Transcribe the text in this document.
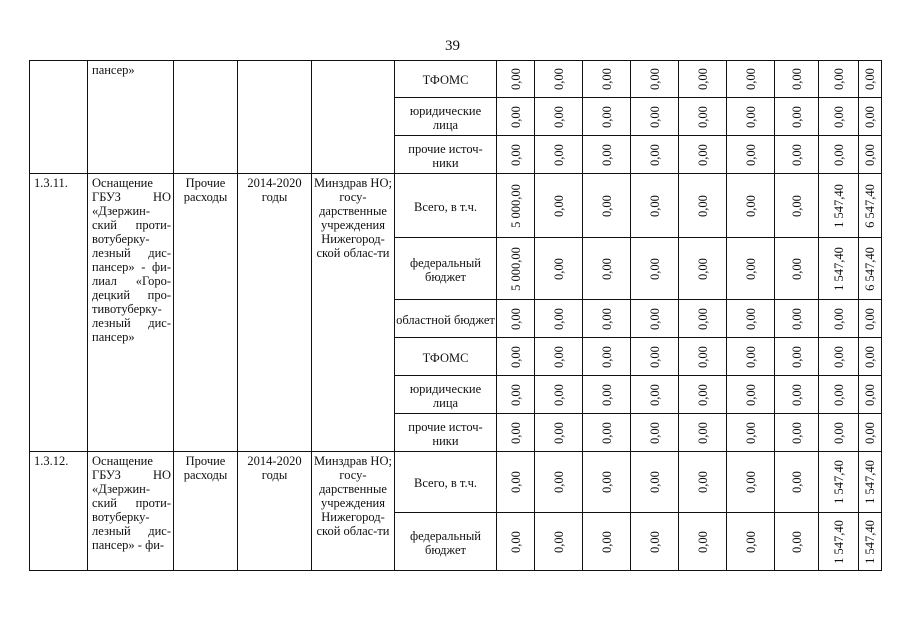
39
	пансер»				ТФОМС	0,00	0,00	0,00	0,00	0,00	0,00	0,00	0,00	0,00

					юридические лица	0,00	0,00	0,00	0,00	0,00	0,00	0,00	0,00	0,00

					прочие источ-ники	0,00	0,00	0,00	0,00	0,00	0,00	0,00	0,00	0,00

1.3.11.	Оснащение ГБУЗ НО «Дзержин-ский проти-вотуберку-лезный дис-пансер» - фи-лиал «Горо-децкий про-тивотуберку-лезный дис-пансер»	Прочие расходы	2014-2020 годы	Минздрав НО; госу-дарственные учреждения Нижегород-ской облас-ти	Всего, в т.ч.	5 000,00	0,00	0,00	0,00	0,00	0,00	0,00	1 547,40	6 547,40

					федеральный бюджет	5 000,00	0,00	0,00	0,00	0,00	0,00	0,00	1 547,40	6 547,40

					областной бюджет	0,00	0,00	0,00	0,00	0,00	0,00	0,00	0,00	0,00

					ТФОМС	0,00	0,00	0,00	0,00	0,00	0,00	0,00	0,00	0,00

					юридические лица	0,00	0,00	0,00	0,00	0,00	0,00	0,00	0,00	0,00

					прочие источ-ники	0,00	0,00	0,00	0,00	0,00	0,00	0,00	0,00	0,00

1.3.12.	Оснащение ГБУЗ НО «Дзержин-ский проти-вотуберку-лезный дис-пансер» - фи-	Прочие расходы	2014-2020 годы	Минздрав НО; госу-дарственные учреждения Нижегород-ской облас-ти	Всего, в т.ч.	0,00	0,00	0,00	0,00	0,00	0,00	0,00	1 547,40	1 547,40

					федеральный бюджет	0,00	0,00	0,00	0,00	0,00	0,00	0,00	1 547,40	1 547,40
